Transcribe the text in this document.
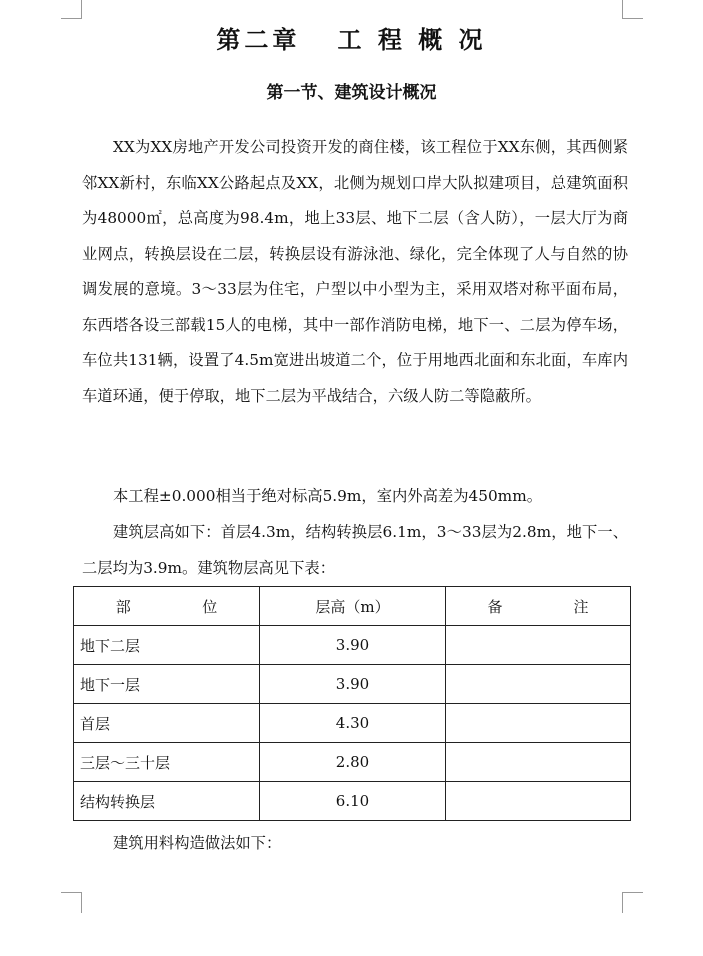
第二章   工 程 概 况
第一节、建筑设计概况
XX为XX房地产开发公司投资开发的商住楼，该工程位于XX东侧，其西侧紧邻XX新村，东临XX公路起点及XX，北侧为规划口岸大队拟建项目，总建筑面积为48000㎡，总高度为98.4m，地上33层、地下二层（含人防），一层大厅为商业网点，转换层设在二层，转换层设有游泳池、绿化，完全体现了人与自然的协调发展的意境。3～33层为住宅，户型以中小型为主，采用双塔对称平面布局，东西塔各设三部载15人的电梯，其中一部作消防电梯，地下一、二层为停车场，车位共131辆，设置了4.5m宽进出坡道二个，位于用地西北面和东北面，车库内车道环通，便于停取，地下二层为平战结合，六级人防二等隐蔽所。
本工程±0.000相当于绝对标高5.9m，室内外高差为450mm。
建筑层高如下：首层4.3m，结构转换层6.1m，3～33层为2.8m，地下一、二层均为3.9m。建筑物层高见下表：
部 位	层高（m）	备 注

地下二层	3.90	
地下一层	3.90	
首层	4.30	
三层～三十层	2.80	
结构转换层	6.10	
建筑用料构造做法如下：
